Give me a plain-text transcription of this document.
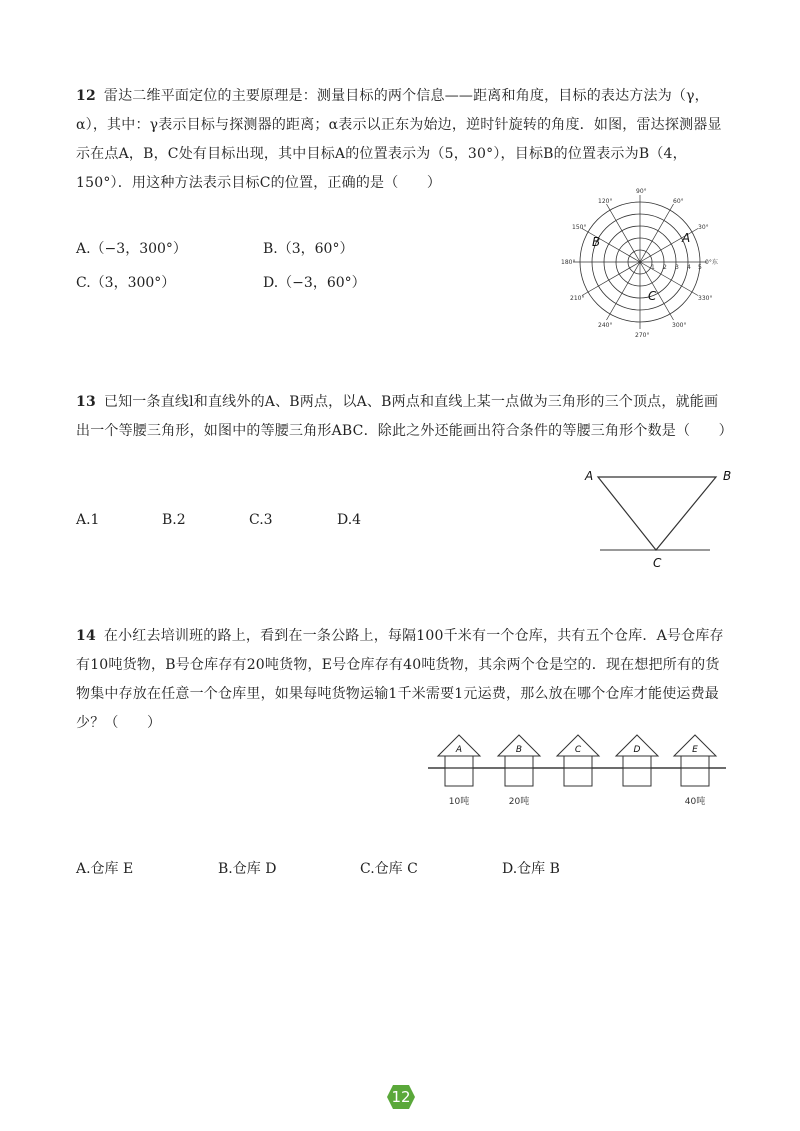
12 雷达二维平面定位的主要原理是：测量目标的两个信息——距离和角度，目标的表达方法为（γ，α），其中：γ表示目标与探测器的距离；α表示以正东为始边，逆时针旋转的角度．如图，雷达探测器显示在点A，B，C处有目标出现，其中目标A的位置表示为（5，30°），目标B的位置表示为B（4，150°）．用这种方法表示目标C的位置，正确的是（　　）
A.（−3，300°）	B.（3，60°）
C.（3，300°）	D.（−3，60°）
90°
60°
30°
0°东
330°
300°
270°
240°
210°
180°
150°
120°
1 2 3 4 5
A
B
C
13 已知一条直线l和直线外的A、B两点，以A、B两点和直线上某一点做为三角形的三个顶点，就能画出一个等腰三角形，如图中的等腰三角形ABC．除此之外还能画出符合条件的等腰三角形个数是（　　）
A.1	B.2	C.3	D.4
A	B
C
14 在小红去培训班的路上，看到在一条公路上，每隔100千米有一个仓库，共有五个仓库．A号仓库存有10吨货物，B号仓库存有20吨货物，E号仓库存有40吨货物，其余两个仓是空的．现在想把所有的货物集中存放在任意一个仓库里，如果每吨货物运输1千米需要1元运费，那么放在哪个仓库才能使运费最少？（　　）
A.仓库 E	B.仓库 D	C.仓库 C	D.仓库 B
A	B	C	D	E
10吨	20吨	40吨
12
